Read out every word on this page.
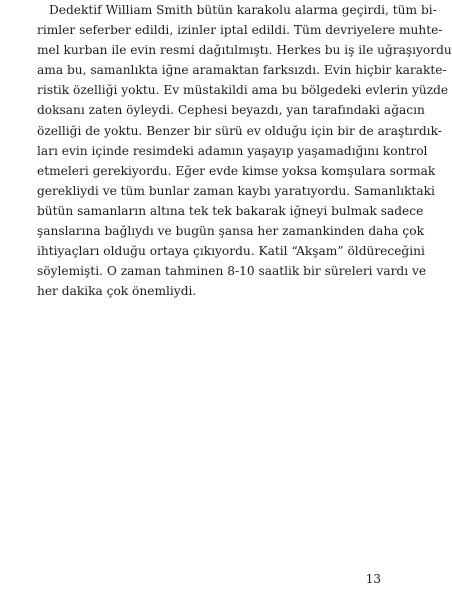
Dedektif William Smith bütün karakolu alarma geçirdi, tüm bi-
rimler seferber edildi, izinler iptal edildi. Tüm devriyelere muhte-
mel kurban ile evin resmi dağıtılmıştı. Herkes bu iş ile uğraşıyordu
ama bu, samanlıkta iğne aramaktan farksızdı. Evin hiçbir karakte-
ristik özelliği yoktu. Ev müstakildi ama bu bölgedeki evlerin yüzde
doksanı zaten öyleydi. Cephesi beyazdı, yan tarafındaki ağacın
özelliği de yoktu. Benzer bir sürü ev olduğu için bir de araştırdık-
ları evin içinde resimdeki adamın yaşayıp yaşamadığını kontrol
etmeleri gerekiyordu. Eğer evde kimse yoksa komşulara sormak
gerekliydi ve tüm bunlar zaman kaybı yaratıyordu. Samanlıktaki
bütün samanların altına tek tek bakarak iğneyi bulmak sadece
şanslarına bağlıydı ve bugün şansa her zamankinden daha çok
ihtiyaçları olduğu ortaya çıkıyordu. Katil “Akşam” öldüreceğini
söylemişti. O zaman tahminen 8-10 saatlik bir süreleri vardı ve
her dakika çok önemliydi.
13
